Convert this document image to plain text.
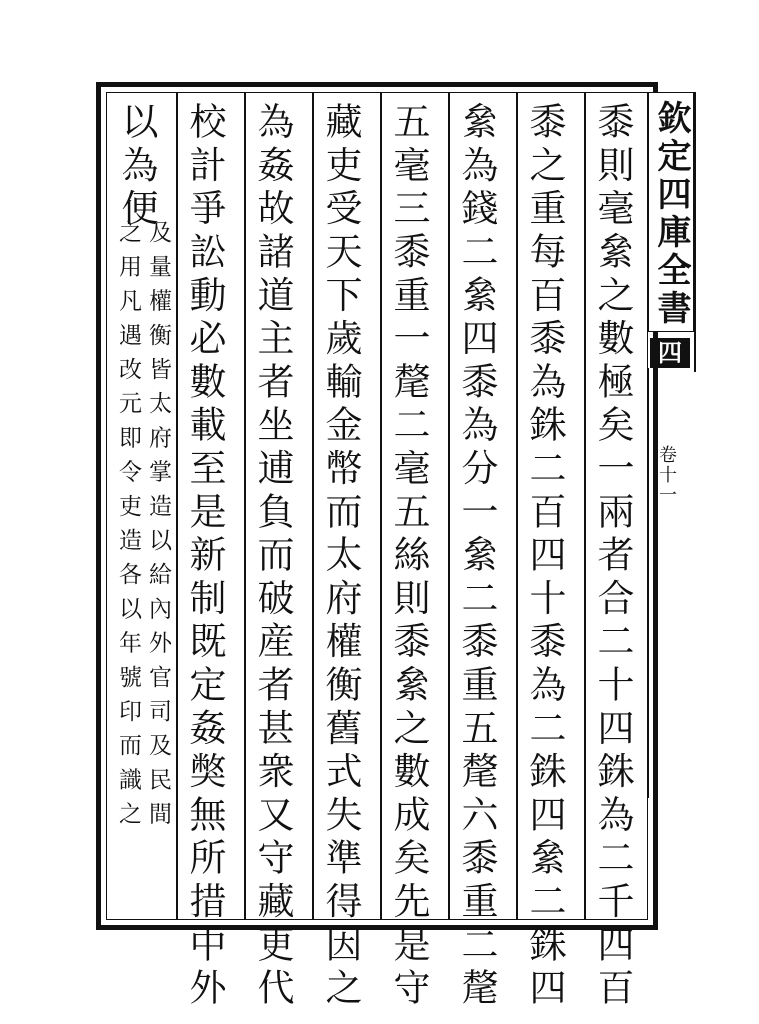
欽定四庫全書
四
卷十一
黍則毫絫之數極矣一兩者合二十四銖為二千四百
黍之重每百黍為銖二百四十黍為二銖四絫二銖四
絫為錢二絫四黍為分一絫二黍重五氂六黍重二氂
五毫三黍重一氂二毫五絲則黍絫之數成矣先是守
藏吏受天下歲輸金幣而太府權衡舊式失準得因之
為姦故諸道主者坐逋負而破産者甚衆又守藏更代
校計爭訟動必數載至是新制既定姦獘無所措中外
以為便
及量權衡皆太府掌造以給內外官司及民間
之用凡遇改元即令吏造各以年號印而識之
